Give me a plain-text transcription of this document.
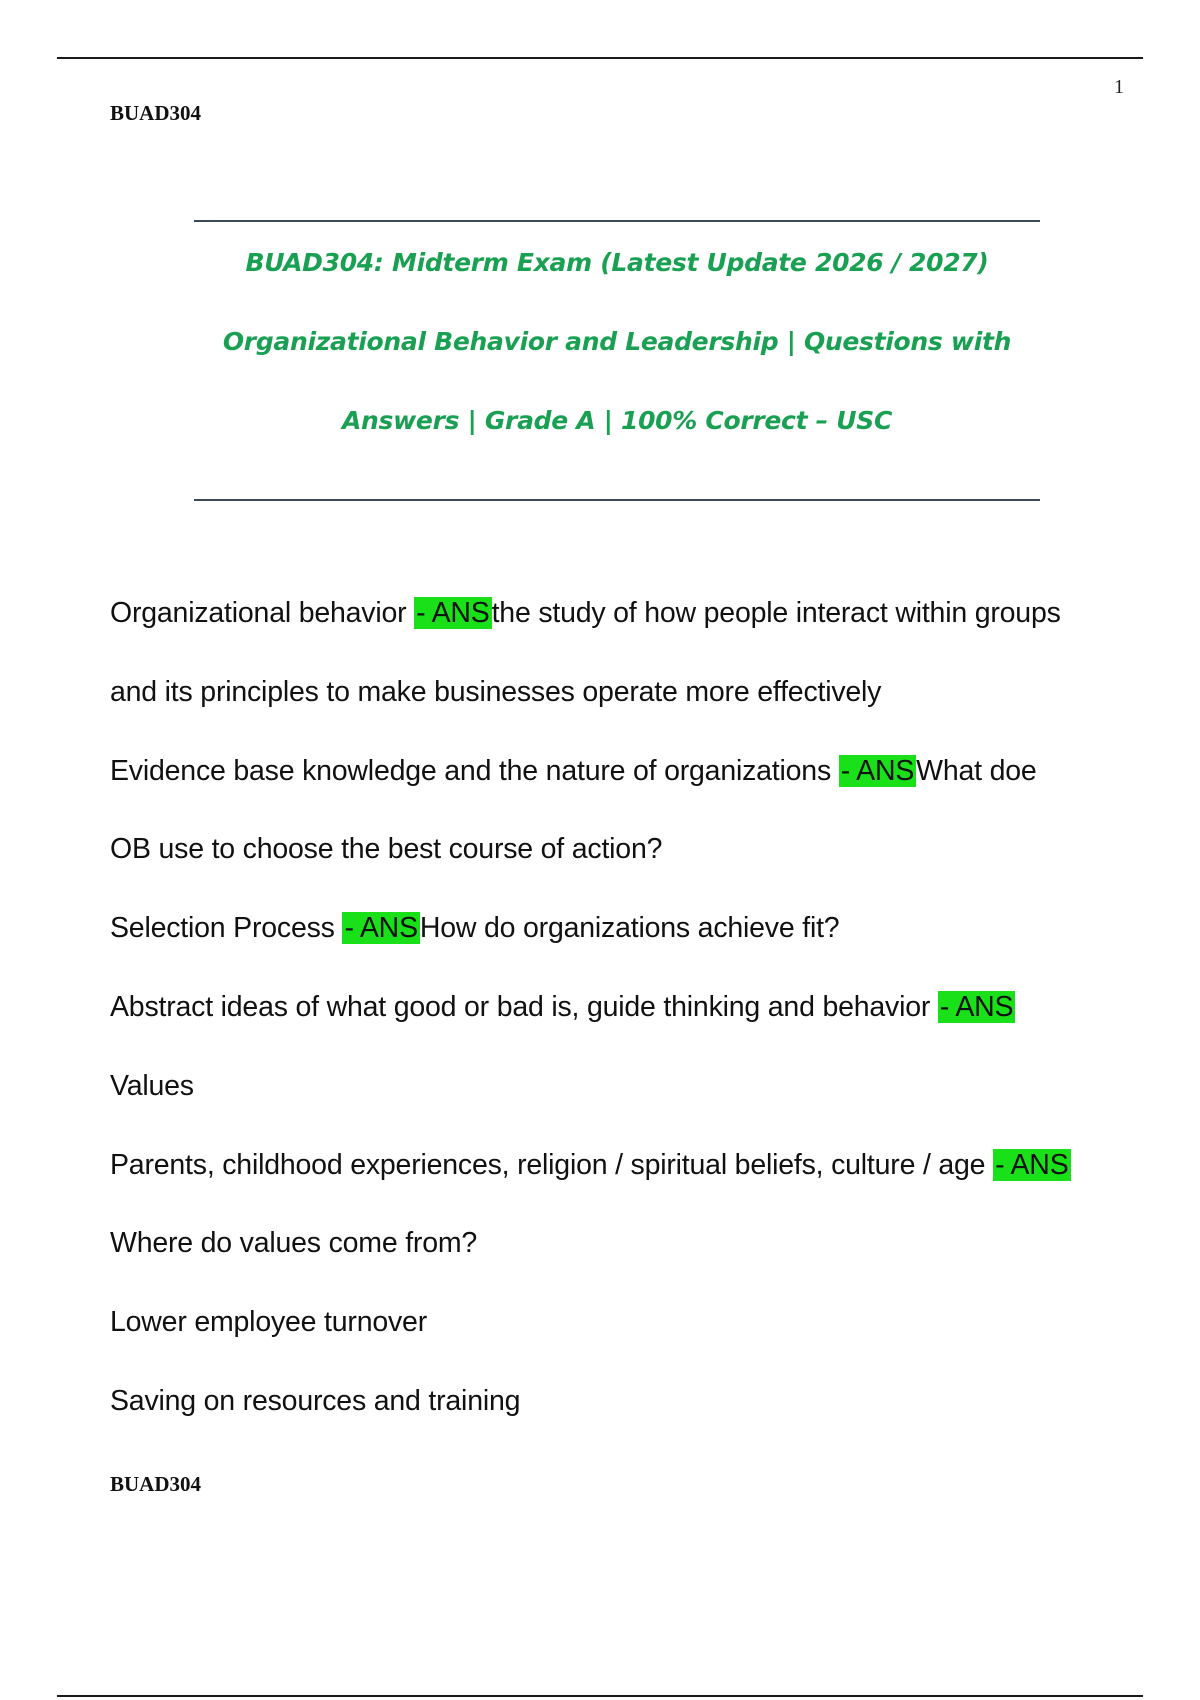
1
BUAD304
BUAD304: Midterm Exam (Latest Update 2026 / 2027)
Organizational Behavior and Leadership | Questions with
Answers | Grade A | 100% Correct – USC
Organizational behavior - ANSthe study of how people interact within groups
and its principles to make businesses operate more effectively
Evidence base knowledge and the nature of organizations - ANSWhat doe
OB use to choose the best course of action?
Selection Process - ANSHow do organizations achieve fit?
Abstract ideas of what good or bad is, guide thinking and behavior - ANS
Values
Parents, childhood experiences, religion / spiritual beliefs, culture / age - ANS
Where do values come from?
Lower employee turnover
Saving on resources and training
BUAD304
